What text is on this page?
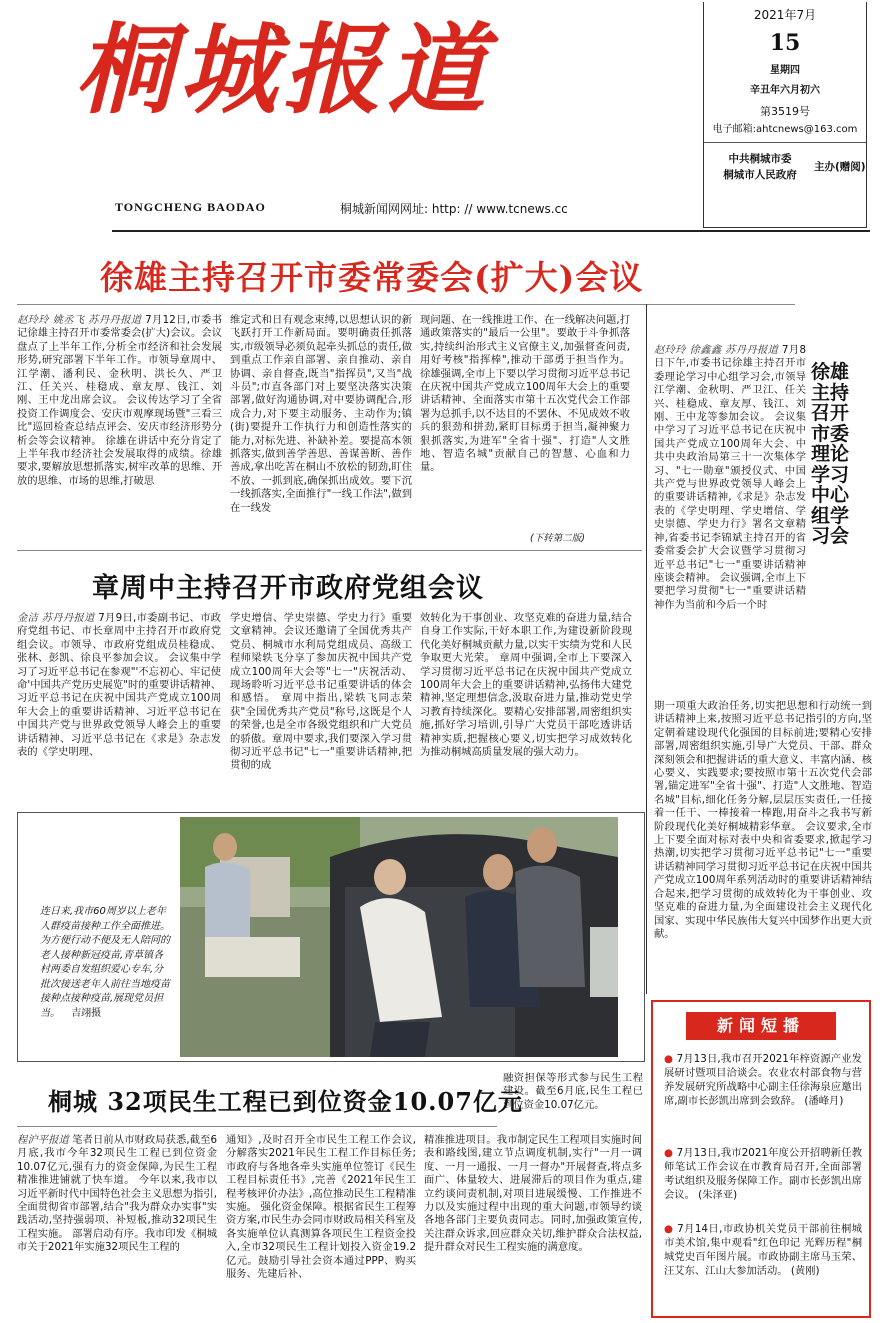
桐城报道
TONGCHENG BAODAO	桐城新闻网网址: http: // www.tcnews.cc
2021年7月
15
星期四
辛丑年六月初六
第3519号
电子邮箱:ahtcnews@163.com
中共桐城市委
桐城市人民政府
主办(赠阅)
徐雄主持召开市委常委会(扩大)会议
赵玲玲 姚丞飞 苏丹丹报道 7月12日,市委书记徐雄主持召开市委常委会(扩大)会议。会议盘点了上半年工作,分析全市经济和社会发展形势,研究部署下半年工作。市领导章周中、江学潮、潘利民、金秋明、洪长久、严卫江、任关兴、桂稳成、章友厚、钱江、刘刚、王中龙出席会议。 会议传达学习了全省投资工作调度会、安庆市观摩现场暨"三看三比"巡回检查总结点评会、安庆市经济形势分析会等会议精神。 徐雄在讲话中充分肯定了上半年我市经济社会发展取得的成绩。徐雄要求,要解放思想抓落实,树牢改革的思维、开放的思维、市场的思维,打破思
维定式和日有观念束缚,以思想认识的新飞跃打开工作新局面。要明确责任抓落实,市级领导必须负起牵头抓总的责任,做到重点工作亲自部署、亲自推动、亲自协调、亲自督查,既当"指挥员",又当"战斗员";市直各部门对上要坚决落实决策部署,做好沟通协调,对中要协调配合,形成合力,对下要主动服务、主动作为;镇(街)要提升工作执行力和创造性落实的能力,对标先进、补缺补差。要提高本领抓落实,做到善学善思、善谋善断、善作善成,拿出吃苦在桐山不放松的韧劲,盯住不放、一抓到底,确保抓出成效。要下沉一线抓落实,全面推行"一线工作法",做到在一线发
现问题、在一线推进工作、在一线解决问题,打通政策落实的"最后一公里"。要敢于斗争抓落实,持续纠治形式主义官僚主义,加强督查问责,用好考核"指挥棒",推动干部勇于担当作为。 徐雄强调,全市上下要以学习贯彻习近平总书记在庆祝中国共产党成立100周年大会上的重要讲话精神、全面落实市第十五次党代会工作部署为总抓手,以不达目的不罢休、不见成效不收兵的狠劲和拼劲,紧盯目标勇于担当,凝神聚力狠抓落实,为进军"全省十强"、打造"人文胜地、智造名城"贡献自己的智慧、心血和力量。
(下转第二版)
章周中主持召开市政府党组会议
金洁 苏丹丹报道 7月9日,市委副书记、市政府党组书记、市长章周中主持召开市政府党组会议。市领导、市政府党组成员桂稳成、张林、彭凯、徐良平参加会议。 会议集中学习了习近平总书记在参观"'不忘初心、牢记使命'中国共产党历史展览"时的重要讲话精神、习近平总书记在庆祝中国共产党成立100周年大会上的重要讲话精神、习近平总书记在中国共产党与世界政党领导人峰会上的重要讲话精神、习近平总书记在《求是》杂志发表的《学史明理、
学史增信、学史崇德、学史力行》重要文章精神。会议还邀请了全国优秀共产党员、桐城市水利局党组成员、高级工程师梁轶飞分享了参加庆祝中国共产党成立100周年大会等"七一"庆祝活动、现场聆听习近平总书记重要讲话的体会和感悟。 章周中指出,梁轶飞同志荣获"全国优秀共产党员"称号,这既是个人的荣誉,也是全市各级党组织和广大党员的骄傲。章周中要求,我们要深入学习贯彻习近平总书记"七一"重要讲话精神,把贯彻的成
效转化为干事创业、攻坚克难的奋进力量,结合自身工作实际,干好本职工作,为建设新阶段现代化美好桐城贡献力量,以实干实绩为党和人民争取更大光荣。 章周中强调,全市上下要深入学习贯彻习近平总书记在庆祝中国共产党成立100周年大会上的重要讲话精神,弘扬伟大建党精神,坚定理想信念,汲取奋进力量,推动党史学习教育持续深化。要精心安排部署,周密组织实施,抓好学习培训,引导广大党员干部吃透讲话精神实质,把握核心要义,切实把学习成效转化为推动桐城高质量发展的强大动力。
赵玲玲 徐鑫鑫 苏丹丹报道 7月8日下午,市委书记徐雄主持召开市委理论学习中心组学习会,市领导江学潮、金秋明、严卫江、任关兴、桂稳成、章友厚、钱江、刘刚、王中龙等参加会议。 会议集中学习了习近平总书记在庆祝中国共产党成立100周年大会、中共中央政治局第三十一次集体学习、"七一勋章"颁授仪式、中国共产党与世界政党领导人峰会上的重要讲话精神,《求是》杂志发表的《学史明理、学史增信、学史崇德、学史力行》署名文章精神,省委书记李锦斌主持召开的省委常委会扩大会议暨学习贯彻习近平总书记"七一"重要讲话精神座谈会精神。 会议强调,全市上下要把学习贯彻"七一"重要讲话精神作为当前和今后一个时
徐雄主持召开市委理论学习中心组学习会
期一项重大政治任务,切实把思想和行动统一到讲话精神上来,按照习近平总书记指引的方向,坚定朝着建设现代化强国的目标前进;要精心安排部署,周密组织实施,引导广大党员、干部、群众深刻领会和把握讲话的重大意义、丰富内涵、核心要义、实践要求;要按照市第十五次党代会部署,锚定进军"全省十强"、打造"人文胜地、智造名城"目标,细化任务分解,层层压实责任,一任接着一任干、一棒接着一棒跑,用奋斗之我书写新阶段现代化美好桐城精彩华章。 会议要求,全市上下要全面对标对表中央和省委要求,掀起学习热潮,切实把学习贯彻习近平总书记"七一"重要讲话精神同学习贯彻习近平总书记在庆祝中国共产党成立100周年系列活动时的重要讲话精神结合起来,把学习贯彻的成效转化为干事创业、攻坚克难的奋进力量,为全面建设社会主义现代化国家、实现中华民族伟大复兴中国梦作出更大贡献。
连日来,我市60周岁以上老年人群疫苗接种工作全面推进。为方便行动不便及无人陪同的老人接种新冠疫苗,青草镇各村两委自发组织爱心专车,分批次接送老年人前往当地疫苗接种点接种疫苗,展现党员担当。 吉翊摄
桐城 32项民生工程已到位资金10.07亿元
融资担保等形式参与民生工程建设。截至6月底,民生工程已到位资金10.07亿元。
程沪平报道 笔者日前从市财政局获悉,截至6月底,我市今年32项民生工程已到位资金10.07亿元,强有力的资金保障,为民生工程精准推进铺就了快车道。 今年以来,我市以习近平新时代中国特色社会主义思想为指引,全面贯彻省市部署,结合"我为群众办实事"实践活动,坚持强弱项、补短板,推动32项民生工程实施。 部署启动有序。我市印发《桐城市关于2021年实施32项民生工程的
通知》,及时召开全市民生工程工作会议,分解落实2021年民生工程工作目标任务;市政府与各地各牵头实施单位签订《民生工程目标责任书》,完善《2021年民生工程考核评价办法》,高位推动民生工程精准实施。 强化资金保障。根据省民生工程筹资方案,市民生办会同市财政局相关科室及各实施单位认真测算各项民生工程资金投入,全市32项民生工程计划投入资金19.2亿元。鼓励引导社会资本通过PPP、购买服务、先建后补、
精准推进项目。我市制定民生工程项目实施时间表和路线图,建立节点调度机制,实行"一月一调度、一月一通报、一月一督办"开展督查,将点多面广、体量较大、进展滞后的项目作为重点,建立约谈问责机制,对项目进展缓慢、工作推进不力以及实施过程中出现的重大问题,市领导约谈各地各部门主要负责同志。同时,加强政策宣传,关注群众诉求,回应群众关切,维护群众合法权益,提升群众对民生工程实施的满意度。
新闻短播
● 7月13日,我市召开2021年梓资源产业发展研讨暨项目洽谈会。农业农村部食物与营养发展研究所战略中心副主任徐海泉应邀出席,副市长彭凯出席到会致辞。 (潘峰月)
● 7月13日,我市2021年度公开招聘新任教师笔试工作会议在市教育局召开,全面部署考试组织及服务保障工作。副市长彭凯出席会议。 (朱泽亚)
● 7月14日,市政协机关党员干部前往桐城市美术馆,集中观看"红色印记 光辉历程"桐城党史百年图片展。市政协副主席马玉荣、汪艾东、江山大参加活动。 (黄刚)
